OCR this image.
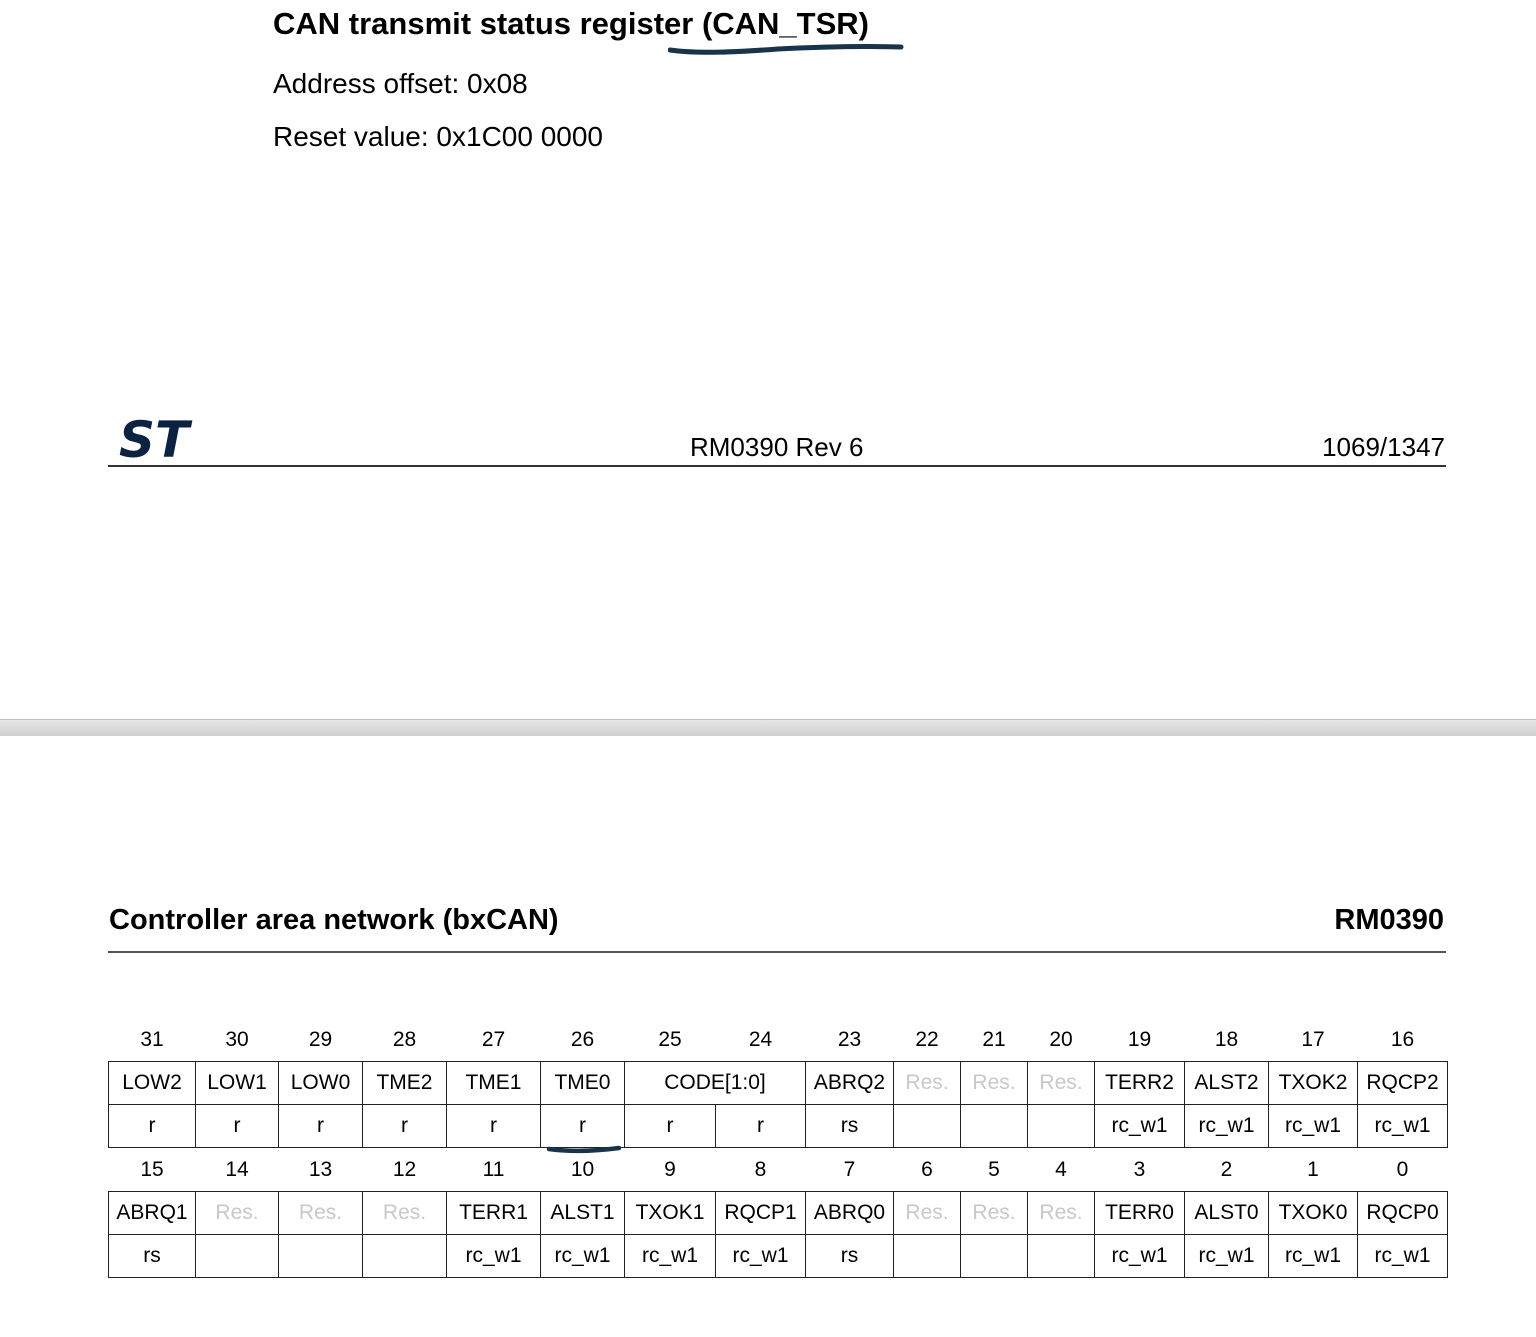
CAN transmit status register (CAN_TSR)
Address offset: 0x08
Reset value: 0x1C00 0000
ST	RM0390 Rev 6	1069/1347
Controller area network (bxCAN)	RM0390
31	30	29	28	27	26	25	24	23	22	21	20	19	18	17	16
LOW2	LOW1	LOW0	TME2	TME1	TME0	CODE[1:0]		ABRQ2	Res.	Res.	Res.	TERR2	ALST2	TXOK2	RQCP2
r	r	r	r	r	r	r	r	rs				rc_w1	rc_w1	rc_w1	rc_w1
15	14	13	12	11	10	9	8	7	6	5	4	3	2	1	0
ABRQ1	Res.	Res.	Res.	TERR1	ALST1	TXOK1	RQCP1	ABRQ0	Res.	Res.	Res.	TERR0	ALST0	TXOK0	RQCP0
rs				rc_w1	rc_w1	rc_w1	rc_w1	rs				rc_w1	rc_w1	rc_w1	rc_w1
